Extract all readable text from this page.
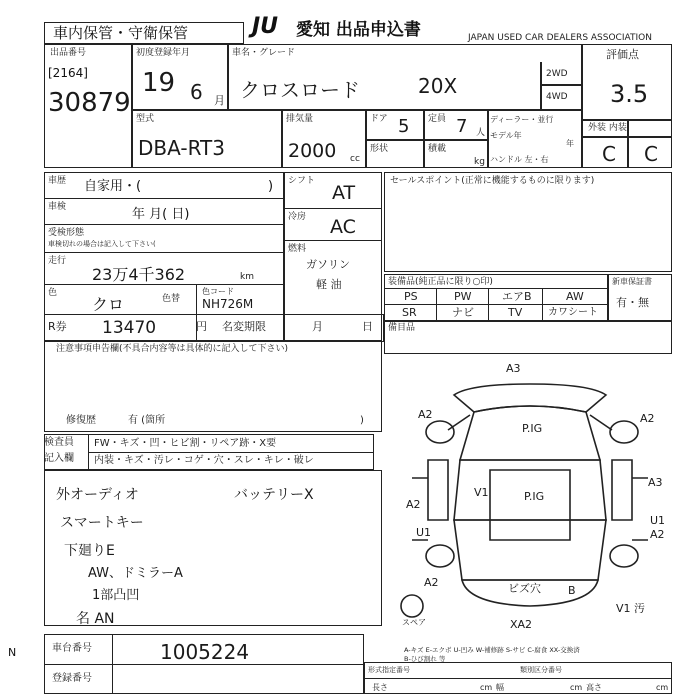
車内保管・守衛保管	JU 愛知 出品申込書	JAPAN USED CAR DEALERS ASSOCIATION
出品番号
[2164]
30879
初度登録年月
19 6 月
車名・グレード
クロスロード	20X	2WD
4WD
評価点
3.5
型式
DBA-RT3
排気量
2000 cc
ドア 5 定員 7 人
形状	積載
kg
ディーラー・並行
モデル年
年
ハンドル 左・右
外装 内装
C C
車歴 自家用・(	)
車検	年 月( 日)
受検形態
車検切れの場合は記入して下さい(
走行
23万4千362	km
色
クロ	色替
色コード
NH726M
R券 13470	円
シフト
AT
冷房 AC
燃料
ガソリン
軽 油
名変期限	月	日
セールスポイント(正常に機能するものに限ります)
装備品(純正品に限り○印)
PS	PW	エアB	AW
SR	ナビ	TV	カワシート
新車保証書
有・無
備目品
注意事項申告欄(不具合内容等は具体的に記入して下さい)
修復歴	有 (箇所	)
検査員
記入欄
FW・キズ・凹・ヒビ割・リペア跡・X要
内装・キズ・汚レ・コゲ・穴・スレ・キレ・破レ
外オーディオ	バッテリーX
スマートキー
下廻りE
AW、ドミラーA
1部凸凹
名 AN
A3
A2	A2
P.IG
V1
A2
P.IG
A3
U1
A2
U1
A2	ビズ穴 B
V1 汚
XA2
スペア
N	車台番号	1005224
登録番号
A-キズ E-エクボ U-凹み W-補修跡 S-サビ C-腐食 XX-交換済
B-ひび割れ 等
形式指定番号	類別区分番号
長さ	cm 幅	cm 高さ	cm
